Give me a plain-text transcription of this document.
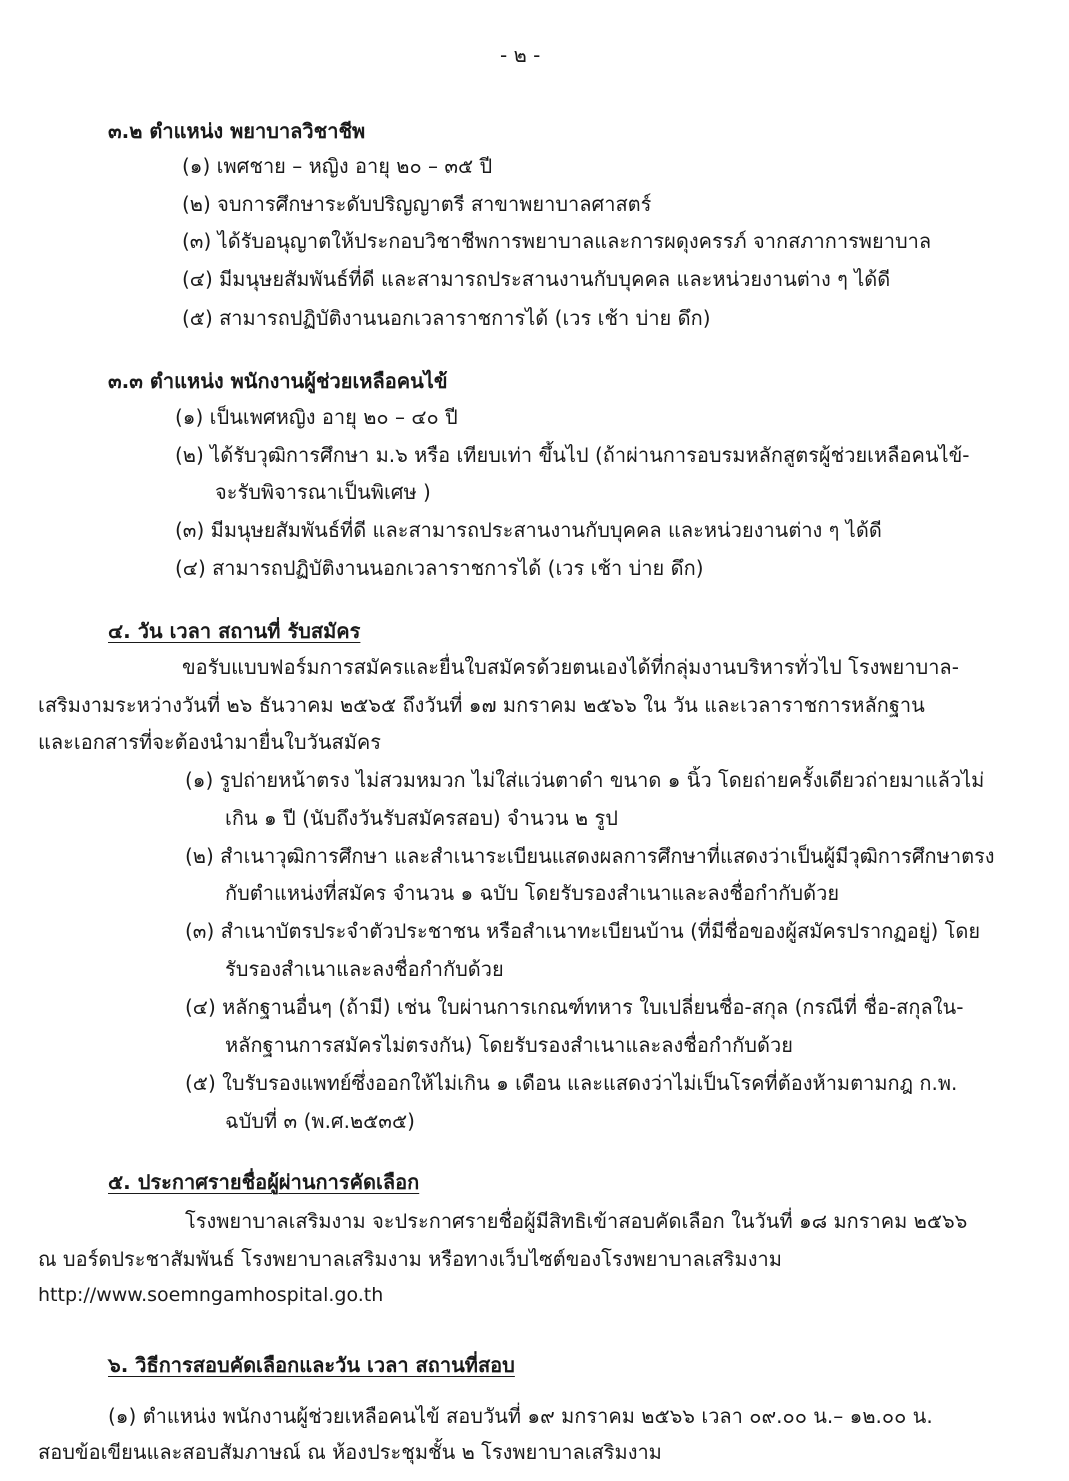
- ๒ -
๓.๒ ตำแหน่ง พยาบาลวิชาชีพ
(๑) เพศชาย – หญิง อายุ ๒๐ – ๓๕ ปี
(๒) จบการศึกษาระดับปริญญาตรี สาขาพยาบาลศาสตร์
(๓) ได้รับอนุญาตให้ประกอบวิชาชีพการพยาบาลและการผดุงครรภ์ จากสภาการพยาบาล
(๔) มีมนุษยสัมพันธ์ที่ดี และสามารถประสานงานกับบุคคล และหน่วยงานต่าง ๆ ได้ดี
(๕) สามารถปฏิบัติงานนอกเวลาราชการได้ (เวร เช้า บ่าย ดึก)
๓.๓ ตำแหน่ง พนักงานผู้ช่วยเหลือคนไข้
(๑) เป็นเพศหญิง อายุ ๒๐ – ๔๐ ปี
(๒) ได้รับวุฒิการศึกษา ม.๖ หรือ เทียบเท่า ขึ้นไป (ถ้าผ่านการอบรมหลักสูตรผู้ช่วยเหลือคนไข้-
จะรับพิจารณาเป็นพิเศษ )
(๓) มีมนุษยสัมพันธ์ที่ดี และสามารถประสานงานกับบุคคล และหน่วยงานต่าง ๆ ได้ดี
(๔) สามารถปฏิบัติงานนอกเวลาราชการได้ (เวร เช้า บ่าย ดึก)
๔. วัน เวลา สถานที่ รับสมัคร
ขอรับแบบฟอร์มการสมัครและยื่นใบสมัครด้วยตนเองได้ที่กลุ่มงานบริหารทั่วไป โรงพยาบาล-
เสริมงามระหว่างวันที่ ๒๖ ธันวาคม ๒๕๖๕ ถึงวันที่ ๑๗ มกราคม ๒๕๖๖ ใน วัน และเวลาราชการหลักฐาน
และเอกสารที่จะต้องนำมายื่นใบวันสมัคร
(๑) รูปถ่ายหน้าตรง ไม่สวมหมวก ไม่ใส่แว่นตาดำ ขนาด ๑ นิ้ว โดยถ่ายครั้งเดียวถ่ายมาแล้วไม่
เกิน ๑ ปี (นับถึงวันรับสมัครสอบ) จำนวน ๒ รูป
(๒) สำเนาวุฒิการศึกษา และสำเนาระเบียนแสดงผลการศึกษาที่แสดงว่าเป็นผู้มีวุฒิการศึกษาตรง
กับตำแหน่งที่สมัคร จำนวน ๑ ฉบับ โดยรับรองสำเนาและลงชื่อกำกับด้วย
(๓) สำเนาบัตรประจำตัวประชาชน หรือสำเนาทะเบียนบ้าน (ที่มีชื่อของผู้สมัครปรากฏอยู่) โดย
รับรองสำเนาและลงชื่อกำกับด้วย
(๔) หลักฐานอื่นๆ (ถ้ามี) เช่น ใบผ่านการเกณฑ์ทหาร ใบเปลี่ยนชื่อ-สกุล (กรณีที่ ชื่อ-สกุลใน-
หลักฐานการสมัครไม่ตรงกัน) โดยรับรองสำเนาและลงชื่อกำกับด้วย
(๕) ใบรับรองแพทย์ซึ่งออกให้ไม่เกิน ๑ เดือน และแสดงว่าไม่เป็นโรคที่ต้องห้ามตามกฎ ก.พ.
ฉบับที่ ๓ (พ.ศ.๒๕๓๕)
๕. ประกาศรายชื่อผู้ผ่านการคัดเลือก
โรงพยาบาลเสริมงาม จะประกาศรายชื่อผู้มีสิทธิเข้าสอบคัดเลือก ในวันที่ ๑๘ มกราคม ๒๕๖๖
ณ บอร์ดประชาสัมพันธ์ โรงพยาบาลเสริมงาม หรือทางเว็บไซต์ของโรงพยาบาลเสริมงาม
http://www.soemngamhospital.go.th
๖. วิธีการสอบคัดเลือกและวัน เวลา สถานที่สอบ
(๑) ตำแหน่ง พนักงานผู้ช่วยเหลือคนไข้ สอบวันที่ ๑๙ มกราคม ๒๕๖๖ เวลา ๐๙.๐๐ น.– ๑๒.๐๐ น.
สอบข้อเขียนและสอบสัมภาษณ์ ณ ห้องประชุมชั้น ๒ โรงพยาบาลเสริมงาม
